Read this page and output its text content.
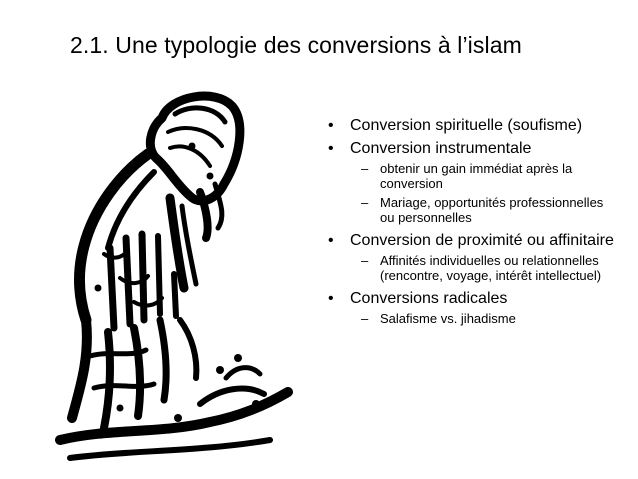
2.1. Une typologie des conversions à l’islam
• Conversion spirituelle (soufisme)
• Conversion instrumentale
– obtenir un gain immédiat après la conversion
– Mariage, opportunités professionnelles ou personnelles
• Conversion de proximité ou affinitaire
– Affinités individuelles ou relationnelles (rencontre, voyage, intérêt intellectuel)
• Conversions radicales
– Salafisme vs. jihadisme
